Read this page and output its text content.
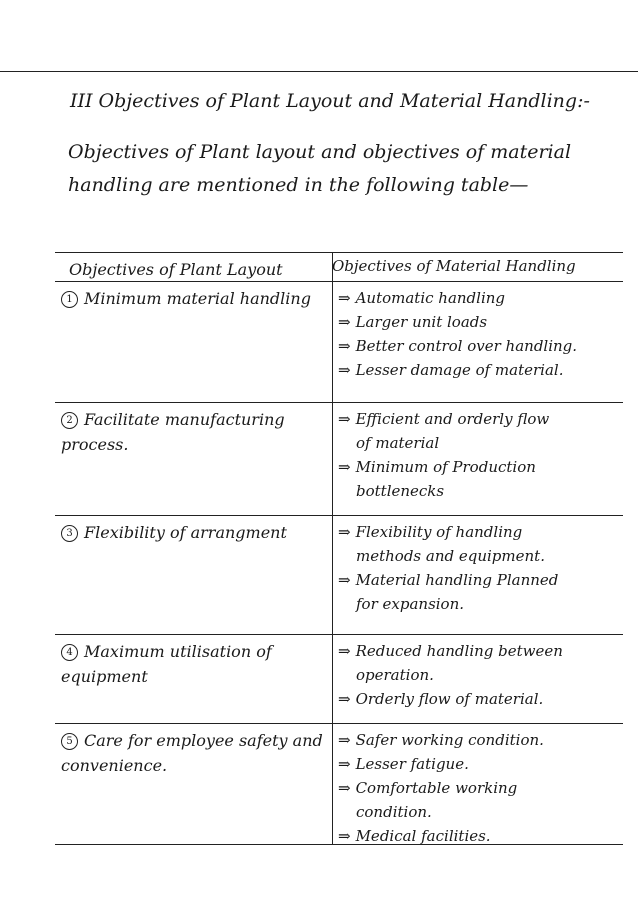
III Objectives of Plant Layout and Material Handling:-
Objectives of Plant layout and objectives of material handling are mentioned in the following table—
Objectives of Plant Layout	Objectives of Material Handling
1 Minimum material handling	⇒ Automatic handling
⇒ Larger unit loads
⇒ Better control over handling.
⇒ Lesser damage of material.
2 Facilitate manufacturing process.
⇒ Efficient and orderly flow
of material
⇒ Minimum of Production
bottlenecks
3 Flexibility of arrangment	⇒ Flexibility of handling
methods and equipment.
⇒ Material handling Planned
for expansion.
4 Maximum utilisation of equipment
⇒ Reduced handling between
operation.
⇒ Orderly flow of material.
5 Care for employee safety and convenience.
⇒ Safer working condition.
⇒ Lesser fatigue.
⇒ Comfortable working
condition.
⇒ Medical facilities.
